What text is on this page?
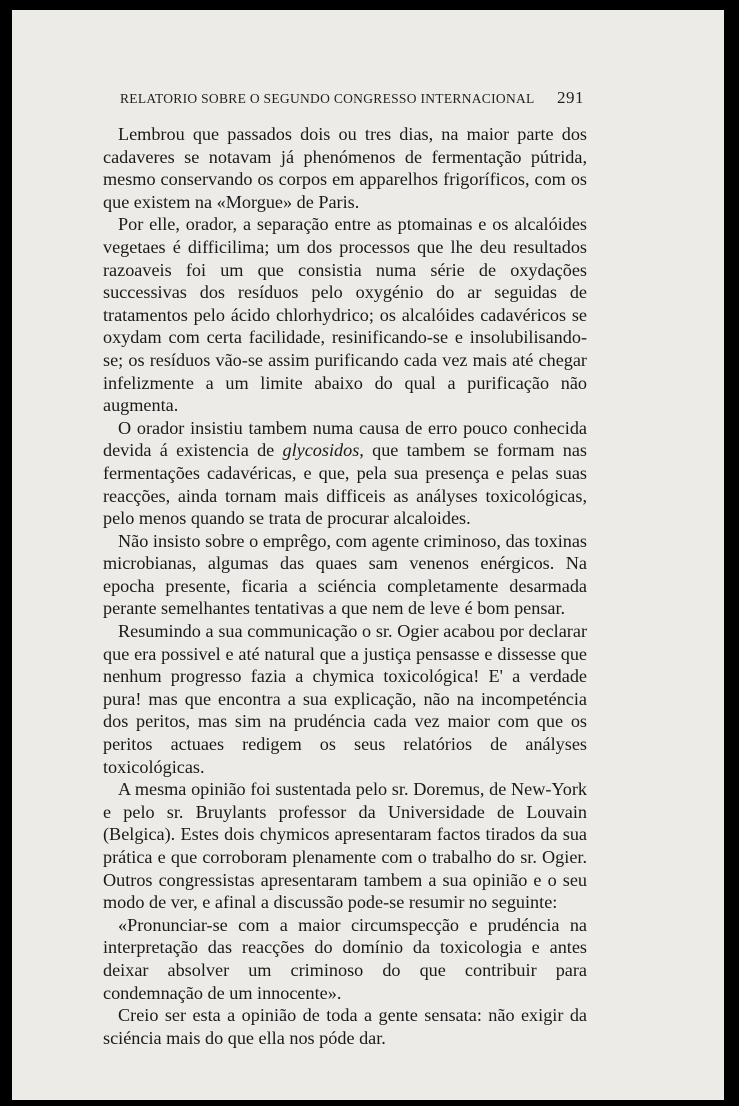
RELATORIO SOBRE O SEGUNDO CONGRESSO INTERNACIONAL 291

Lembrou que passados dois ou tres dias, na maior parte dos cadaveres se notavam já phenómenos de fermentação pútrida, mesmo conservando os corpos em apparelhos frigoríficos, com os que existem na «Morgue» de Paris.

Por elle, orador, a separação entre as ptomainas e os alcalóides vegetaes é difficilima; um dos processos que lhe deu resultados razoaveis foi um que consistia numa série de oxydações successivas dos resíduos pelo oxygénio do ar seguidas de tratamentos pelo ácido chlorhydrico; os alcalóides cadavéricos se oxydam com certa facilidade, resinificando-se e insolubilisando-se; os resíduos vão-se assim purificando cada vez mais até chegar infelizmente a um limite abaixo do qual a purificação não augmenta.

O orador insistiu tambem numa causa de erro pouco conhecida devida á existencia de glycosidos, que tambem se formam nas fermentações cadavéricas, e que, pela sua presença e pelas suas reacções, ainda tornam mais difficeis as anályses toxicológicas, pelo menos quando se trata de procurar alcaloides.

Não insisto sobre o emprêgo, com agente criminoso, das toxinas microbianas, algumas das quaes sam venenos enérgicos. Na epocha presente, ficaria a sciéncia completamente desarmada perante semelhantes tentativas a que nem de leve é bom pensar.

Resumindo a sua communicação o sr. Ogier acabou por declarar que era possivel e até natural que a justiça pensasse e dissesse que nenhum progresso fazia a chymica toxicológica! E' a verdade pura! mas que encontra a sua explicação, não na incompeténcia dos peritos, mas sim na prudéncia cada vez maior com que os peritos actuaes redigem os seus relatórios de anályses toxicológicas.

A mesma opinião foi sustentada pelo sr. Doremus, de New-York e pelo sr. Bruylants professor da Universidade de Louvain (Belgica). Estes dois chymicos apresentaram factos tirados da sua prática e que corroboram plenamente com o trabalho do sr. Ogier. Outros congressistas apresentaram tambem a sua opinião e o seu modo de ver, e afinal a discussão pode-se resumir no seguinte:

«Pronunciar-se com a maior circumspecção e prudéncia na interpretação das reacções do domínio da toxicologia e antes deixar absolver um criminoso do que contribuir para condemnação de um innocente».

Creio ser esta a opinião de toda a gente sensata: não exigir da sciéncia mais do que ella nos póde dar.
